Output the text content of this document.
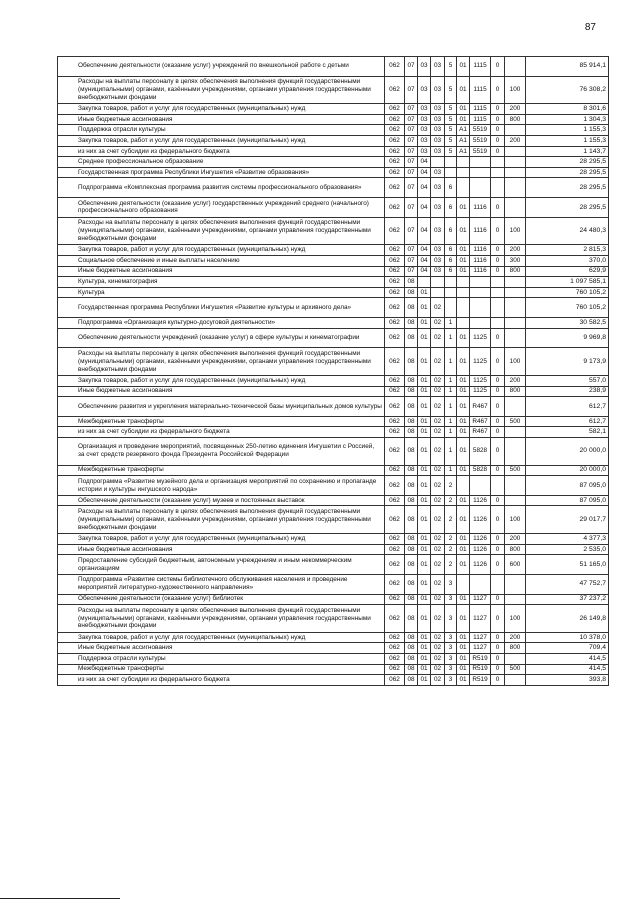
87
Обеспечение деятельности (оказание услуг) учреждений по внешкольной работе с детьми	062	07	03	03	5	01	1115	0		85 914,1
Расходы на выплаты персоналу в целях обеспечения выполнения функций государственными (муниципальными) органами, казёнными учреждениями, органами управления государственными внебюджетными фондами	062	07	03	03	5	01	1115	0	100	76 308,2
Закупка товаров, работ и услуг для государственных (муниципальных) нужд	062	07	03	03	5	01	1115	0	200	8 301,6
Иные бюджетные ассигнования	062	07	03	03	5	01	1115	0	800	1 304,3
Поддержка отрасли культуры	062	07	03	03	5	A1	5519	0		1 155,3
Закупка товаров, работ и услуг для государственных (муниципальных) нужд	062	07	03	03	5	A1	5519	0	200	1 155,3
из них за счет субсидии из федерального бюджета	062	07	03	03	5	A1	5519	0		1 143,7
Среднее профессиональное образование	062	07	04							28 295,5
Государственная программа Республики Ингушетия «Развитие образования»	062	07	04	03						28 295,5
Подпрограмма «Комплексная программа развития системы профессионального образования»	062	07	04	03	6					28 295,5
Обеспечение деятельности (оказание услуг) государственных учреждений среднего (начального) профессионального образования	062	07	04	03	6	01	1116	0		28 295,5
Расходы на выплаты персоналу в целях обеспечения выполнения функций государственными (муниципальными) органами, казёнными учреждениями, органами управления государственными внебюджетными фондами	062	07	04	03	6	01	1116	0	100	24 480,3
Закупка товаров, работ и услуг для государственных (муниципальных) нужд	062	07	04	03	6	01	1116	0	200	2 815,3
Социальное обеспечение и иные выплаты населению	062	07	04	03	6	01	1116	0	300	370,0
Иные бюджетные ассигнования	062	07	04	03	6	01	1116	0	800	629,9
Культура, кинематография	062	08								1 097 585,1
Культура	062	08	01							760 105,2
Государственная программа Республики Ингушетия «Развитие культуры и архивного дела»	062	08	01	02						760 105,2
Подпрограмма «Организация культурно-досуговой деятельности»	062	08	01	02	1					30 582,5
Обеспечение деятельности учреждений (оказание услуг) в сфере культуры и кинематографии	062	08	01	02	1	01	1125	0		9 969,8
Расходы на выплаты персоналу в целях обеспечения выполнения функций государственными (муниципальными) органами, казёнными учреждениями, органами управления государственными внебюджетными фондами	062	08	01	02	1	01	1125	0	100	9 173,9
Закупка товаров, работ и услуг для государственных (муниципальных) нужд	062	08	01	02	1	01	1125	0	200	557,0
Иные бюджетные ассигнования	062	08	01	02	1	01	1125	0	800	238,9
Обеспечение развития и укрепления материально-технической базы муниципальных домов культуры	062	08	01	02	1	01	R467	0		612,7
Межбюджетные трансферты	062	08	01	02	1	01	R467	0	500	612,7
из них за счет субсидии из федерального бюджета	062	08	01	02	1	01	R467	0		582,1
Организация и проведение мероприятий, посвященных 250-летию единения Ингушетии с Россией, за счет средств резервного фонда Президента Российской Федерации	062	08	01	02	1	01	5828	0		20 000,0
Межбюджетные трансферты	062	08	01	02	1	01	5828	0	500	20 000,0
Подпрограмма «Развитие музейного дела и организация мероприятий по сохранению и пропаганде истории и культуры ингушского народа»	062	08	01	02	2					87 095,0
Обеспечение деятельности (оказание услуг) музеев и постоянных выставок	062	08	01	02	2	01	1126	0		87 095,0
Расходы на выплаты персоналу в целях обеспечения выполнения функций государственными (муниципальными) органами, казёнными учреждениями, органами управления государственными внебюджетными фондами	062	08	01	02	2	01	1126	0	100	29 017,7
Закупка товаров, работ и услуг для государственных (муниципальных) нужд	062	08	01	02	2	01	1126	0	200	4 377,3
Иные бюджетные ассигнования	062	08	01	02	2	01	1126	0	800	2 535,0
Предоставление субсидий бюджетным, автономным учреждениям и иным некоммерческим организациям	062	08	01	02	2	01	1126	0	600	51 165,0
Подпрограмма «Развитие системы библиотечного обслуживания населения и проведение мероприятий литературно-художественного направления»	062	08	01	02	3					47 752,7
Обеспечение деятельности (оказание услуг) библиотек	062	08	01	02	3	01	1127	0		37 237,2
Расходы на выплаты персоналу в целях обеспечения выполнения функций государственными (муниципальными) органами, казёнными учреждениями, органами управления государственными внебюджетными фондами	062	08	01	02	3	01	1127	0	100	26 149,8
Закупка товаров, работ и услуг для государственных (муниципальных) нужд	062	08	01	02	3	01	1127	0	200	10 378,0
Иные бюджетные ассигнования	062	08	01	02	3	01	1127	0	800	709,4
Поддержка отрасли культуры	062	08	01	02	3	01	R519	0		414,5
Межбюджетные трансферты	062	08	01	02	3	01	R519	0	500	414,5
из них за счет субсидии из федерального бюджета	062	08	01	02	3	01	R519	0		393,8
